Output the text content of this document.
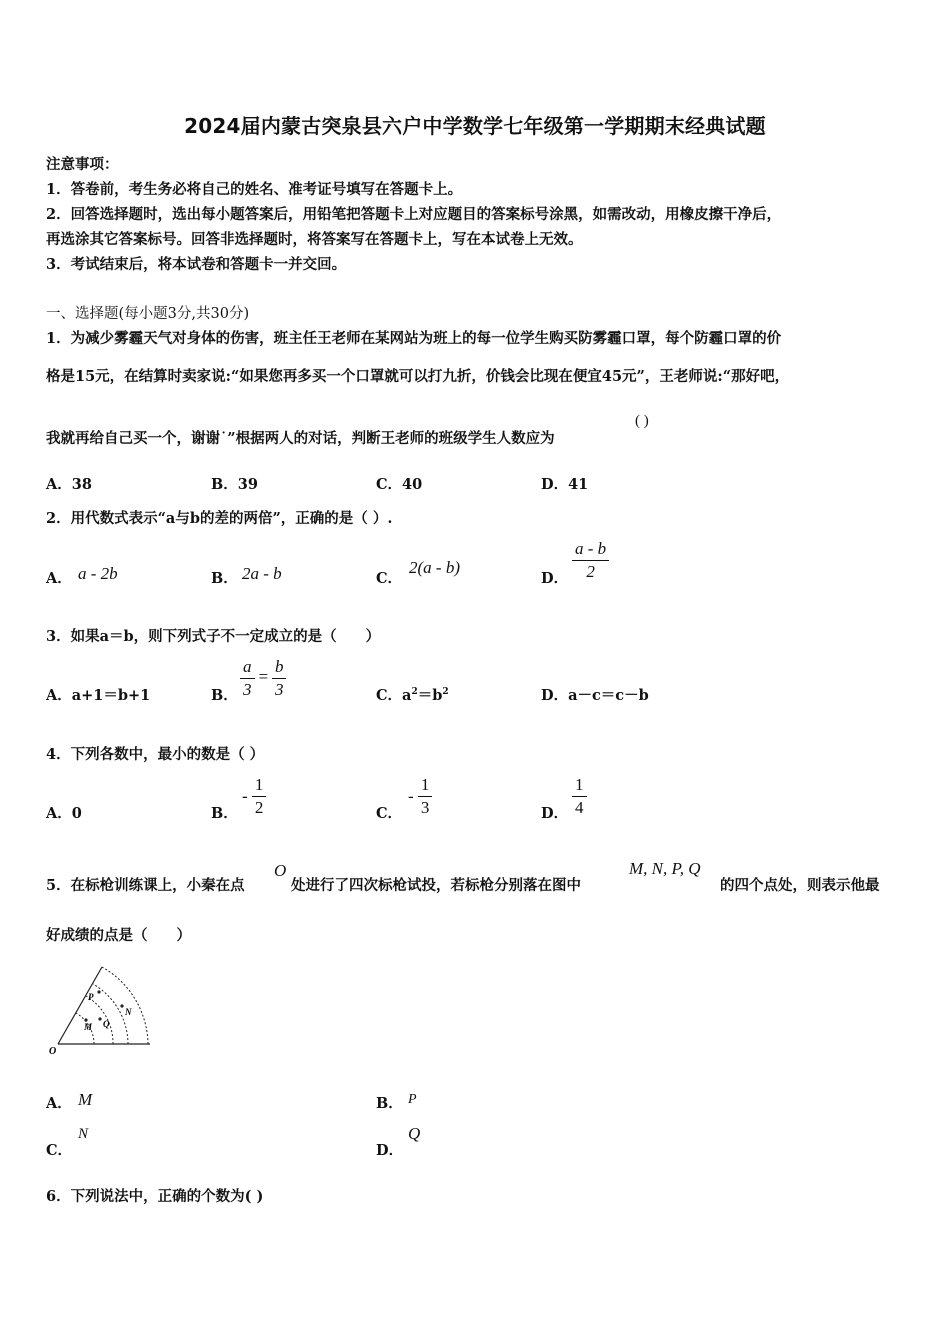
2024届内蒙古突泉县六户中学数学七年级第一学期期末经典试题
注意事项：
1．答卷前，考生务必将自己的姓名、准考证号填写在答题卡上。
2．回答选择题时，选出每小题答案后，用铅笔把答题卡上对应题目的答案标号涂黑，如需改动，用橡皮擦干净后，
再选涂其它答案标号。回答非选择题时，将答案写在答题卡上，写在本试卷上无效。
3．考试结束后，将本试卷和答题卡一并交回。
一、选择题(每小题3分,共30分)
1．为减少雾霾天气对身体的伤害，班主任王老师在某网站为班上的每一位学生购买防雾霾口罩，每个防霾口罩的价
格是15元，在结算时卖家说:“如果您再多买一个口罩就可以打九折，价钱会比现在便宜45元”，王老师说:“那好吧，
我就再给自己买一个，谢谢˙”根据两人的对话，判断王老师的班级学生人数应为
( )
A．38	B．39	C．40	D．41
2．用代数式表示“a与b的差的两倍”，正确的是（ ）.
A． a - 2b	B． 2a - b	C．
2(a - b)
D． $\frac{a - b}{2}$
3．如果a＝b，则下列式子不一定成立的是（　　）
A．a+1＝b+1	B． $\frac{a}{3} = \frac{b}{3}$	C．$a^2=b^2$	D．a－c＝c－b
4．下列各数中，最小的数是（ ）
A．0	B．
- $\frac{1}{2}$	C．
- $\frac{1}{3}$	D． $\frac{1}{4}$
5．在标枪训练课上，小秦在点
O
处进行了四次标枪试投，若标枪分别落在图中
M, N, P, Q
的四个点处，则表示他最
好成绩的点是（　　）
O
P
M Q
N
A． M	B． P
C．
N
D．
Q
6．下列说法中，正确的个数为( )
